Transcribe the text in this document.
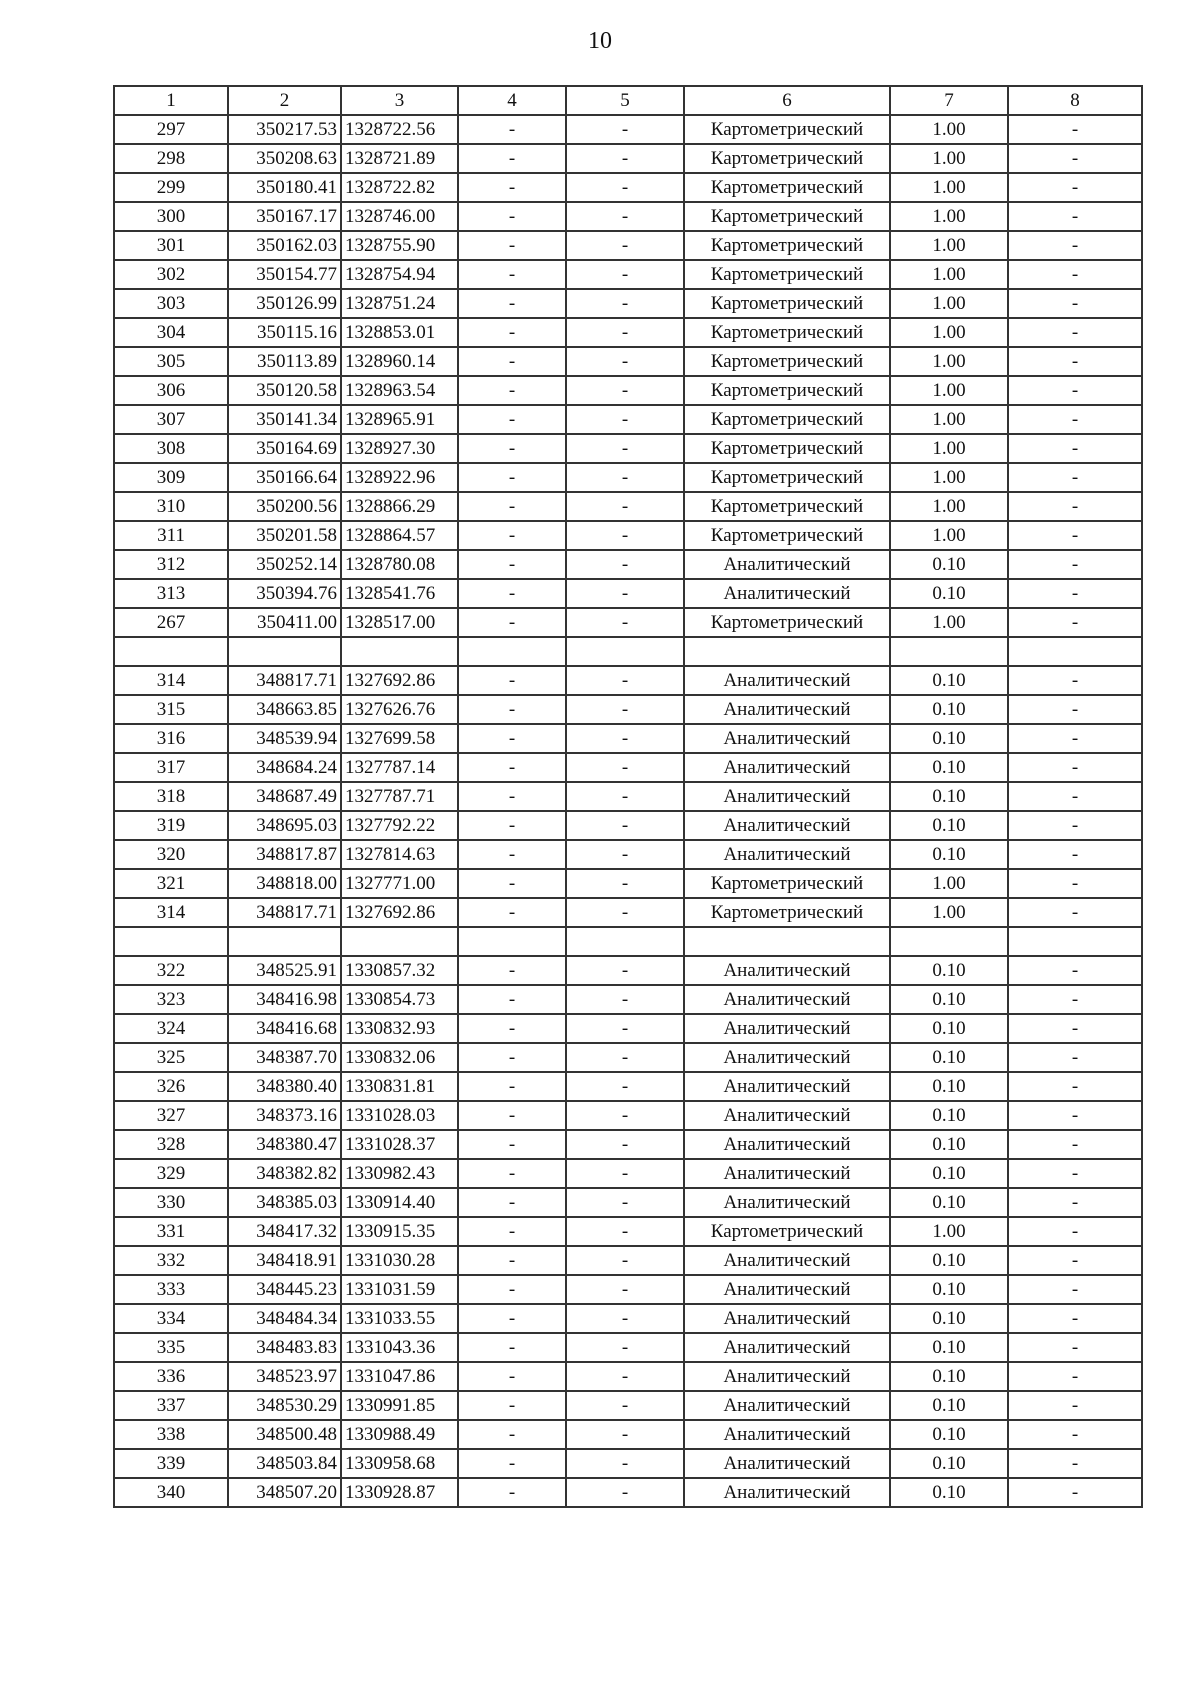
10
1	2	3	4	5	6	7	8
297	350217.53	1328722.56	-	-	Картометрический	1.00	-
298	350208.63	1328721.89	-	-	Картометрический	1.00	-
299	350180.41	1328722.82	-	-	Картометрический	1.00	-
300	350167.17	1328746.00	-	-	Картометрический	1.00	-
301	350162.03	1328755.90	-	-	Картометрический	1.00	-
302	350154.77	1328754.94	-	-	Картометрический	1.00	-
303	350126.99	1328751.24	-	-	Картометрический	1.00	-
304	350115.16	1328853.01	-	-	Картометрический	1.00	-
305	350113.89	1328960.14	-	-	Картометрический	1.00	-
306	350120.58	1328963.54	-	-	Картометрический	1.00	-
307	350141.34	1328965.91	-	-	Картометрический	1.00	-
308	350164.69	1328927.30	-	-	Картометрический	1.00	-
309	350166.64	1328922.96	-	-	Картометрический	1.00	-
310	350200.56	1328866.29	-	-	Картометрический	1.00	-
311	350201.58	1328864.57	-	-	Картометрический	1.00	-
312	350252.14	1328780.08	-	-	Аналитический	0.10	-
313	350394.76	1328541.76	-	-	Аналитический	0.10	-
267	350411.00	1328517.00	-	-	Картометрический	1.00	-

314	348817.71	1327692.86	-	-	Аналитический	0.10	-
315	348663.85	1327626.76	-	-	Аналитический	0.10	-
316	348539.94	1327699.58	-	-	Аналитический	0.10	-
317	348684.24	1327787.14	-	-	Аналитический	0.10	-
318	348687.49	1327787.71	-	-	Аналитический	0.10	-
319	348695.03	1327792.22	-	-	Аналитический	0.10	-
320	348817.87	1327814.63	-	-	Аналитический	0.10	-
321	348818.00	1327771.00	-	-	Картометрический	1.00	-
314	348817.71	1327692.86	-	-	Картометрический	1.00	-

322	348525.91	1330857.32	-	-	Аналитический	0.10	-
323	348416.98	1330854.73	-	-	Аналитический	0.10	-
324	348416.68	1330832.93	-	-	Аналитический	0.10	-
325	348387.70	1330832.06	-	-	Аналитический	0.10	-
326	348380.40	1330831.81	-	-	Аналитический	0.10	-
327	348373.16	1331028.03	-	-	Аналитический	0.10	-
328	348380.47	1331028.37	-	-	Аналитический	0.10	-
329	348382.82	1330982.43	-	-	Аналитический	0.10	-
330	348385.03	1330914.40	-	-	Аналитический	0.10	-
331	348417.32	1330915.35	-	-	Картометрический	1.00	-
332	348418.91	1331030.28	-	-	Аналитический	0.10	-
333	348445.23	1331031.59	-	-	Аналитический	0.10	-
334	348484.34	1331033.55	-	-	Аналитический	0.10	-
335	348483.83	1331043.36	-	-	Аналитический	0.10	-
336	348523.97	1331047.86	-	-	Аналитический	0.10	-
337	348530.29	1330991.85	-	-	Аналитический	0.10	-
338	348500.48	1330988.49	-	-	Аналитический	0.10	-
339	348503.84	1330958.68	-	-	Аналитический	0.10	-
340	348507.20	1330928.87	-	-	Аналитический	0.10	-
